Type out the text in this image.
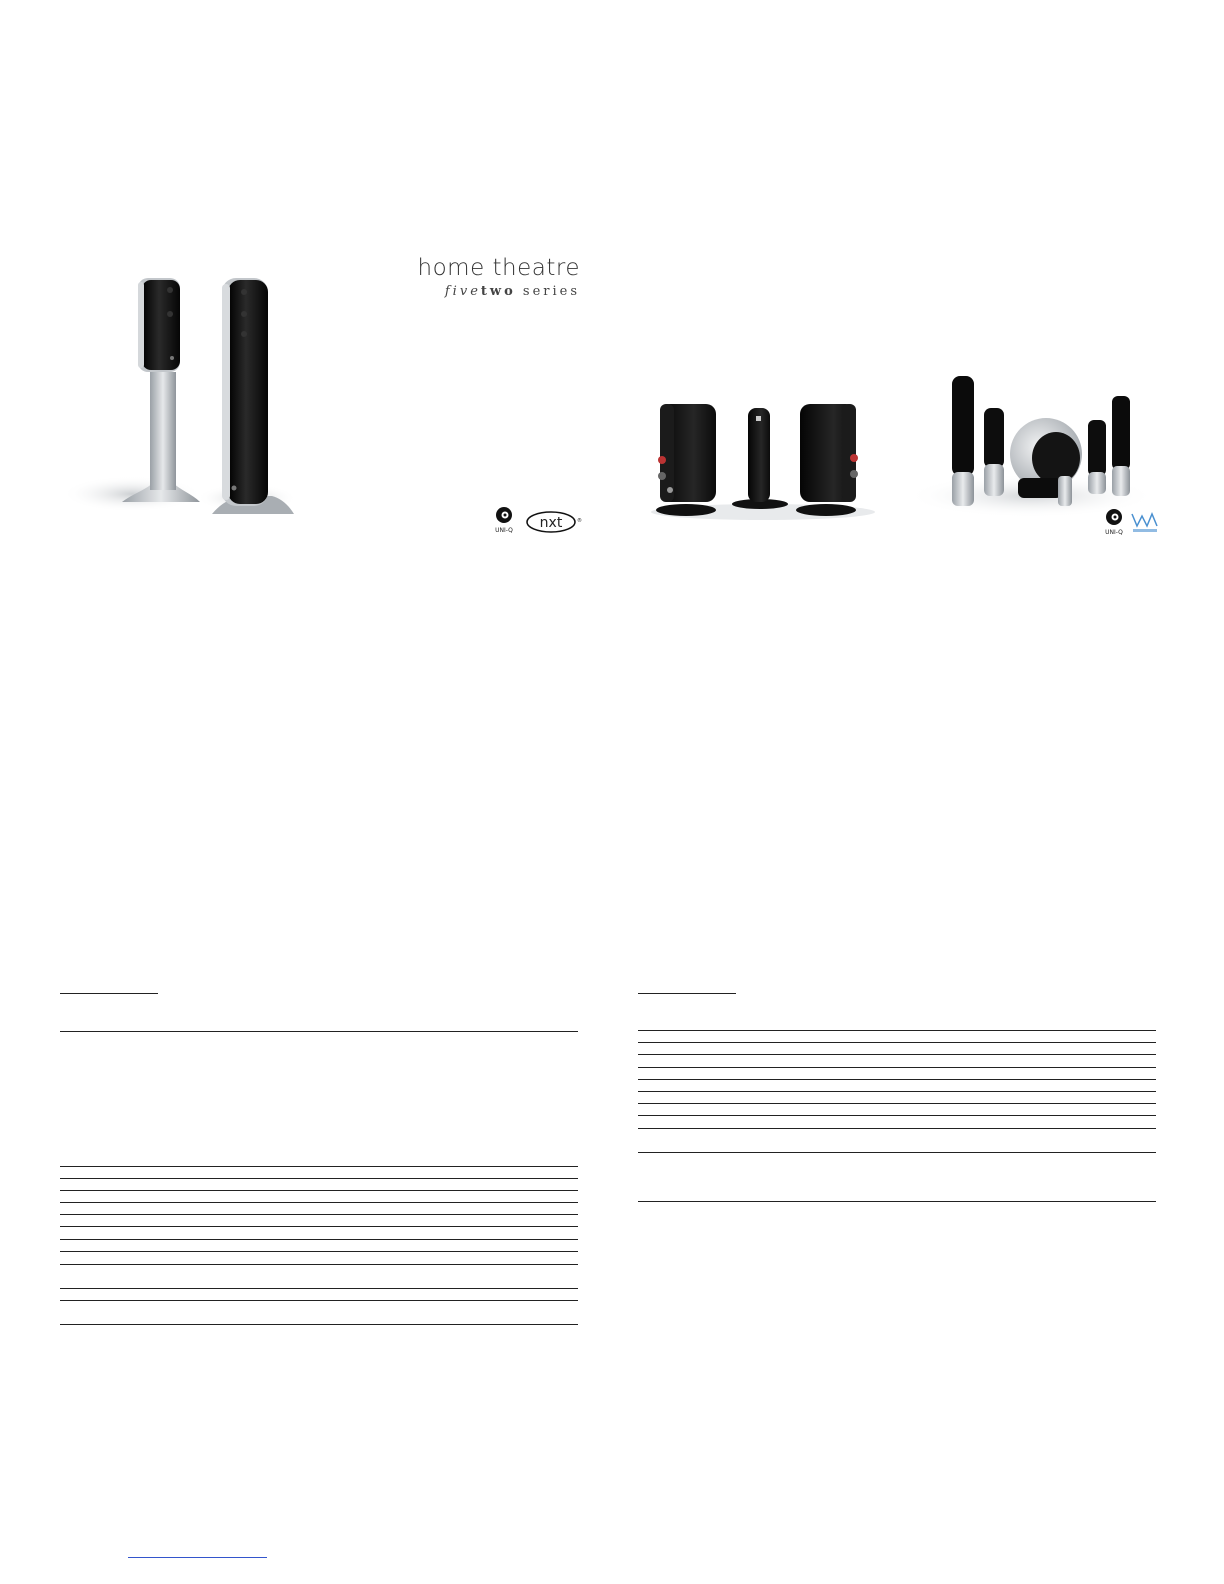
home theatre
fivetwo series
UNI-Q nxt	®
UNI-Q
